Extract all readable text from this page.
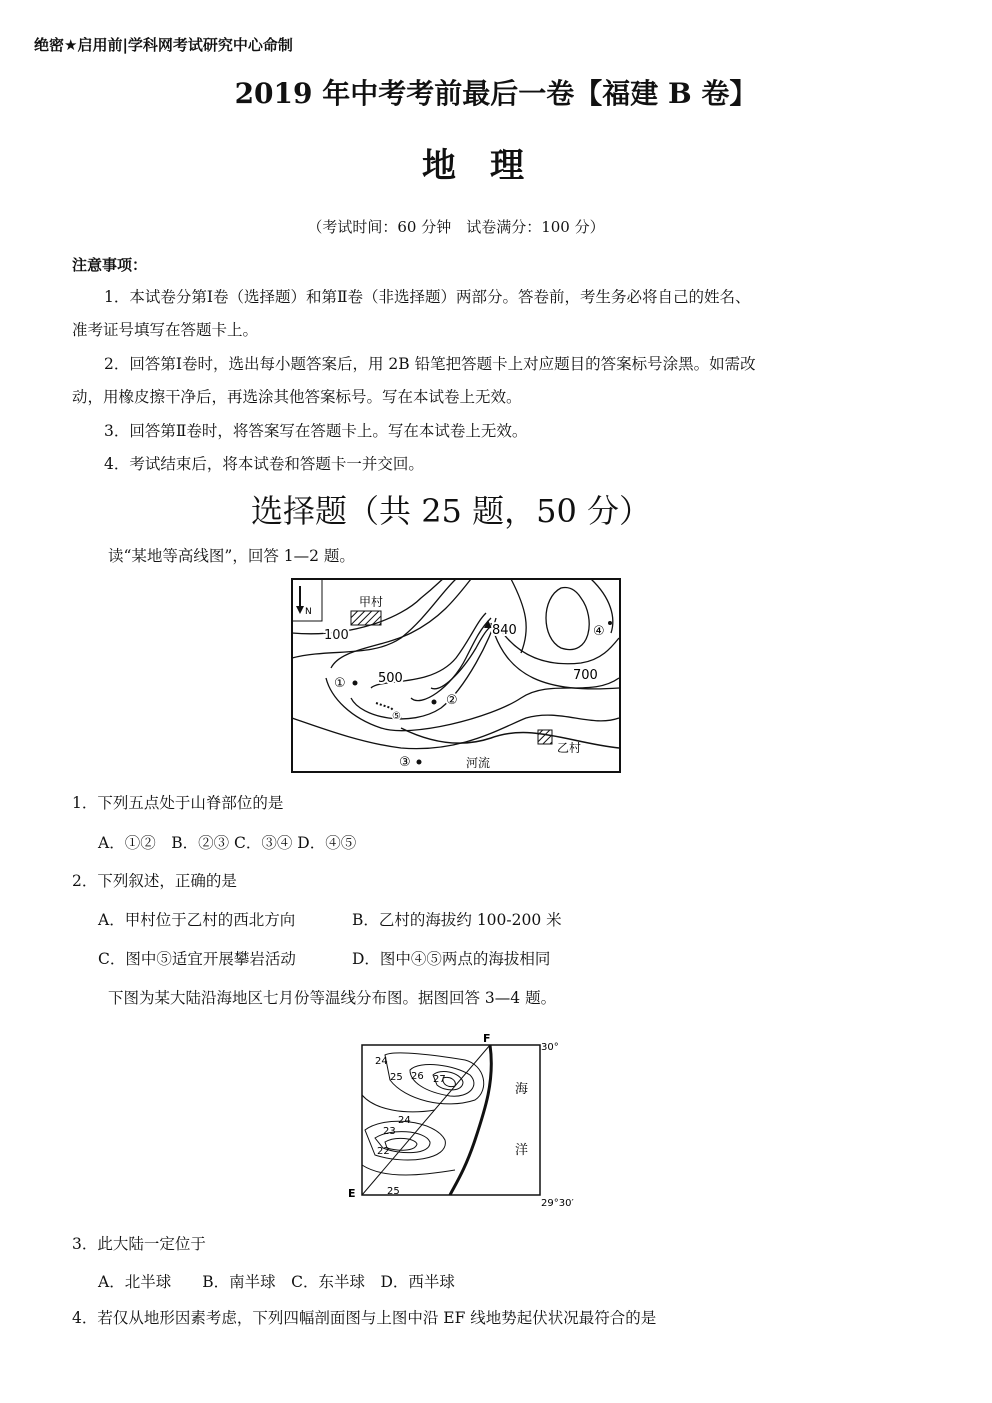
绝密★启用前|学科网考试研究中心命制
2019 年中考考前最后一卷【福建 B 卷】
地理
（考试时间：60 分钟　试卷满分：100 分）
注意事项：
1．本试卷分第Ⅰ卷（选择题）和第Ⅱ卷（非选择题）两部分。答卷前，考生务必将自己的姓名、
准考证号填写在答题卡上。
2．回答第Ⅰ卷时，选出每小题答案后，用 2B 铅笔把答题卡上对应题目的答案标号涂黑。如需改
动，用橡皮擦干净后，再选涂其他答案标号。写在本试卷上无效。
3．回答第Ⅱ卷时，将答案写在答题卡上。写在本试卷上无效。
4．考试结束后，将本试卷和答题卡一并交回。
选择题（共 25 题，50 分）
读“某地等高线图”，回答 1—2 题。
N
甲村
乙村
河流
100
500
840
700
①
②
③
④
⑤
1．下列五点处于山脊部位的是
A．①②　B．②③ C．③④ D．④⑤
2．下列叙述，正确的是
A．甲村位于乙村的西北方向	B．乙村的海拔约 100-200 米
C．图中⑤适宜开展攀岩活动	D．图中④⑤两点的海拔相同
下图为某大陆沿海地区七月份等温线分布图。据图回答 3—4 题。
F
E
30°
29°30′
24
25 26 27
24
23
22
25
海
洋
3．此大陆一定位于
A．北半球　　B．南半球　C．东半球　D．西半球
4．若仅从地形因素考虑，下列四幅剖面图与上图中沿 EF 线地势起伏状况最符合的是
